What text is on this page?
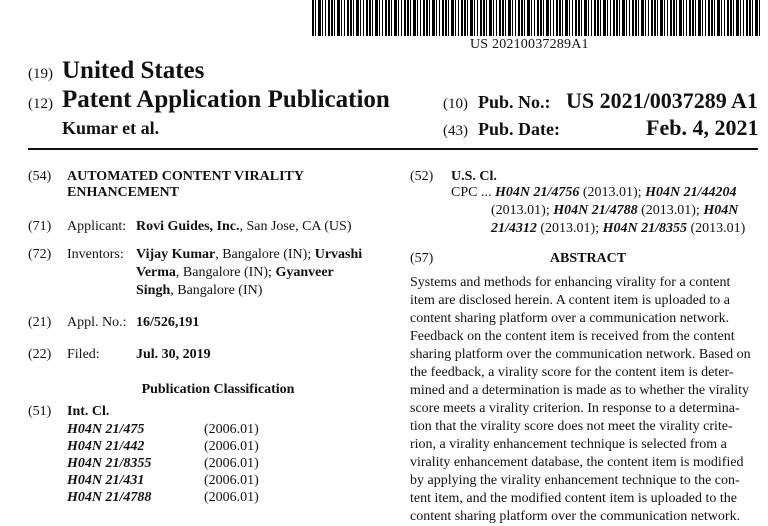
US 20210037289A1
(19) United States
(12) Patent Application Publication
Kumar et al.
(10) Pub. No.: US 2021/0037289 A1
(43) Pub. Date:	Feb. 4, 2021
(54) AUTOMATED CONTENT VIRALITY
ENHANCEMENT
(71) Applicant: Rovi Guides, Inc., San Jose, CA (US)
(72) Inventors: Vijay Kumar, Bangalore (IN); Urvashi
Verma, Bangalore (IN); Gyanveer
Singh, Bangalore (IN)
(21) Appl. No.: 16/526,191
(22) Filed:	Jul. 30, 2019
Publication Classification
(51) Int. Cl.
H04N 21/475	(2006.01)
H04N 21/442	(2006.01)
H04N 21/8355	(2006.01)
H04N 21/431	(2006.01)
H04N 21/4788	(2006.01)
(52) U.S. Cl.
CPC ... H04N 21/4756 (2013.01); H04N 21/44204
(2013.01); H04N 21/4788 (2013.01); H04N
21/4312 (2013.01); H04N 21/8355 (2013.01)
(57)	ABSTRACT
Systems and methods for enhancing virality for a content
item are disclosed herein. A content item is uploaded to a
content sharing platform over a communication network.
Feedback on the content item is received from the content
sharing platform over the communication network. Based on
the feedback, a virality score for the content item is deter-
mined and a determination is made as to whether the virality
score meets a virality criterion. In response to a determina-
tion that the virality score does not meet the virality crite-
rion, a virality enhancement technique is selected from a
virality enhancement database, the content item is modified
by applying the virality enhancement technique to the con-
tent item, and the modified content item is uploaded to the
content sharing platform over the communication network.
